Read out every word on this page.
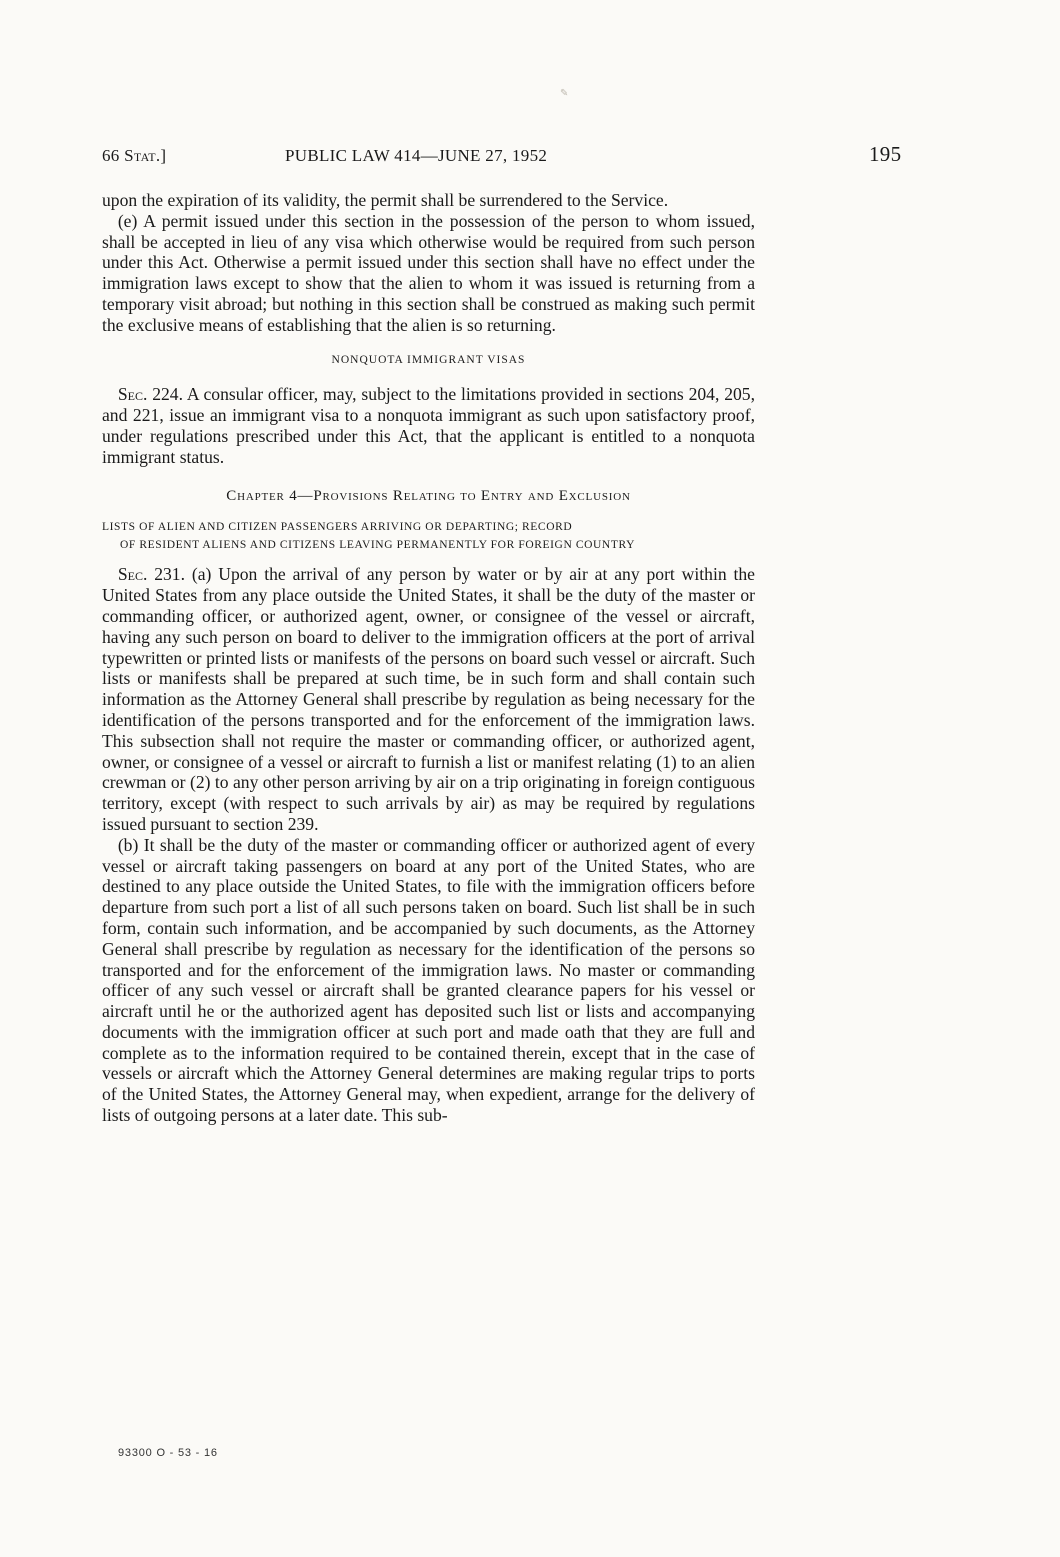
✎
66 Stat.]	PUBLIC LAW 414—JUNE 27, 1952	195

upon the expiration of its validity, the permit shall be surrendered to the Service.

(e) A permit issued under this section in the possession of the person to whom issued, shall be accepted in lieu of any visa which otherwise would be required from such person under this Act. Otherwise a permit issued under this section shall have no effect under the immigration laws except to show that the alien to whom it was issued is returning from a temporary visit abroad; but nothing in this section shall be construed as making such permit the exclusive means of establishing that the alien is so returning.

NONQUOTA IMMIGRANT VISAS

Sec. 224. A consular officer, may, subject to the limitations provided in sections 204, 205, and 221, issue an immigrant visa to a nonquota immigrant as such upon satisfactory proof, under regulations prescribed under this Act, that the applicant is entitled to a nonquota immigrant status.

Chapter 4—Provisions Relating to Entry and Exclusion
LISTS OF ALIEN AND CITIZEN PASSENGERS ARRIVING OR DEPARTING; RECORD
OF RESIDENT ALIENS AND CITIZENS LEAVING PERMANENTLY FOR FOREIGN COUNTRY

Sec. 231. (a) Upon the arrival of any person by water or by air at any port within the United States from any place outside the United States, it shall be the duty of the master or commanding officer, or authorized agent, owner, or consignee of the vessel or aircraft, having any such person on board to deliver to the immigration officers at the port of arrival typewritten or printed lists or manifests of the persons on board such vessel or aircraft. Such lists or manifests shall be prepared at such time, be in such form and shall contain such information as the Attorney General shall prescribe by regulation as being necessary for the identification of the persons transported and for the enforcement of the immigration laws. This subsection shall not require the master or commanding officer, or authorized agent, owner, or consignee of a vessel or aircraft to furnish a list or manifest relating (1) to an alien crewman or (2) to any other person arriving by air on a trip originating in foreign contiguous territory, except (with respect to such arrivals by air) as may be required by regulations issued pursuant to section 239.

(b) It shall be the duty of the master or commanding officer or authorized agent of every vessel or aircraft taking passengers on board at any port of the United States, who are destined to any place outside the United States, to file with the immigration officers before departure from such port a list of all such persons taken on board. Such list shall be in such form, contain such information, and be accompanied by such documents, as the Attorney General shall prescribe by regulation as necessary for the identification of the persons so transported and for the enforcement of the immigration laws. No master or commanding officer of any such vessel or aircraft shall be granted clearance papers for his vessel or aircraft until he or the authorized agent has deposited such list or lists and accompanying documents with the immigration officer at such port and made oath that they are full and complete as to the information required to be contained therein, except that in the case of vessels or aircraft which the Attorney General determines are making regular trips to ports of the United States, the Attorney General may, when expedient, arrange for the delivery of lists of outgoing persons at a later date. This sub-

93300 O - 53 - 16
